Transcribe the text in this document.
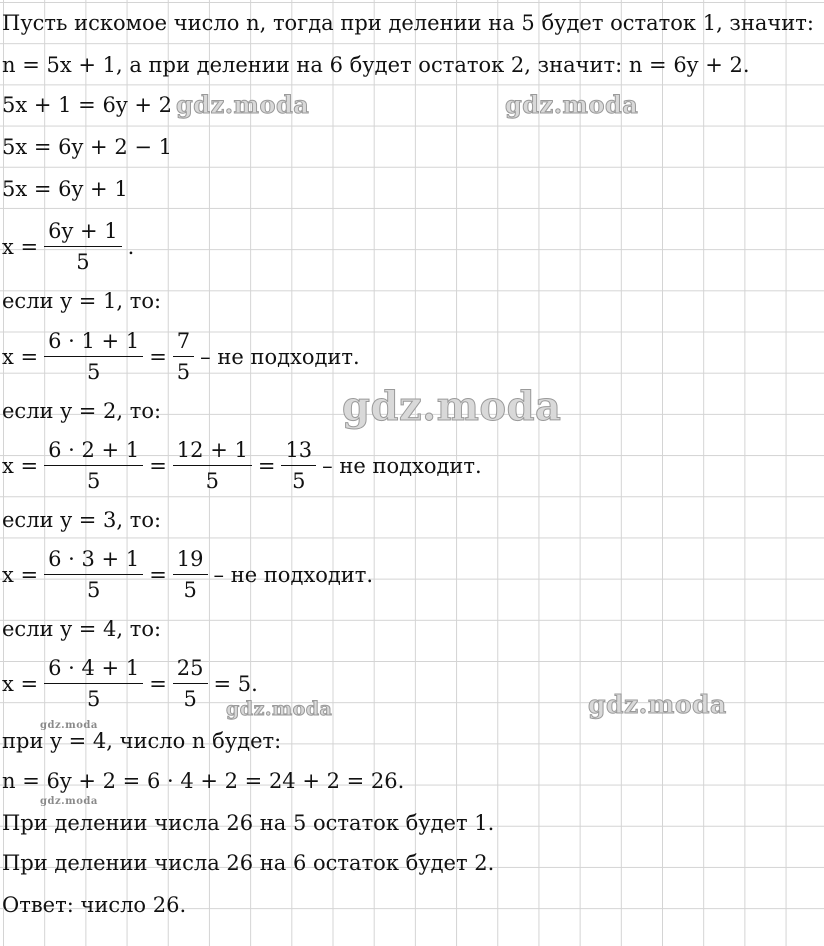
Пусть искомое число n, тогда при делении на 5 будет остаток 1, значит:
n = 5x + 1, а при делении на 6 будет остаток 2, значит: n = 6y + 2.
5x + 1 = 6y + 2
5x = 6y + 2 − 1
5x = 6y + 1
$x = \frac{6y + 1}{5}$ .
если y = 1, то:
$x = \frac{6 \cdot 1 + 1}{5} = \frac{7}{5}$ – не подходит.
если y = 2, то:
$x = \frac{6 \cdot 2 + 1}{5} = \frac{12 + 1}{5} = \frac{13}{5}$ – не подходит.
если y = 3, то:
$x = \frac{6 \cdot 3 + 1}{5} = \frac{19}{5}$ – не подходит.
если y = 4, то:
$x = \frac{6 \cdot 4 + 1}{5} = \frac{25}{5} = 5$.
при y = 4, число n будет:
n = 6y + 2 = 6 · 4 + 2 = 24 + 2 = 26.
При делении числа 26 на 5 остаток будет 1.
При делении числа 26 на 6 остаток будет 2.
Ответ: число 26.
gdz.moda	gdz.moda
gdz.moda
gdz.moda	gdz.moda
gdz.moda
gdz.moda
